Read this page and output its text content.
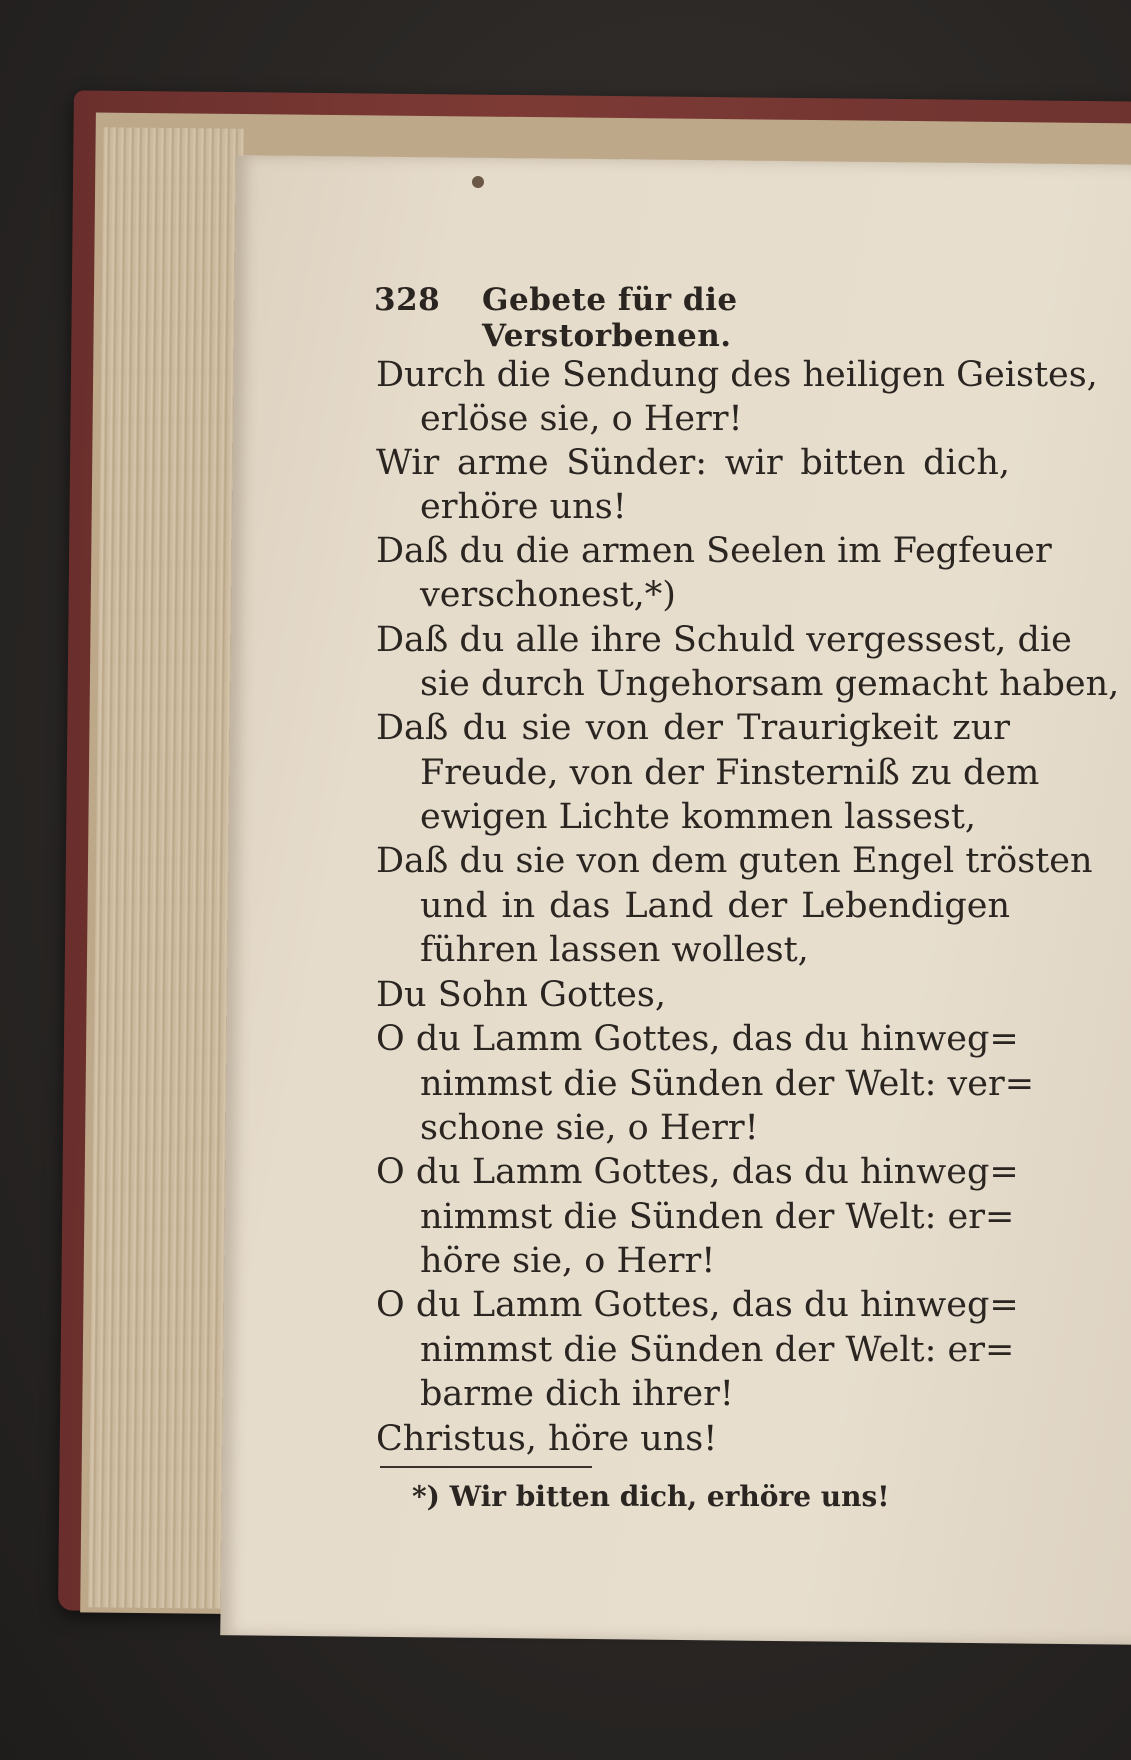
328 Gebete für die Verstorbenen.
Durch die Sendung des heiligen Geistes,
erlöse sie, o Herr!
Wir arme Sünder: wir bitten dich,
erhöre uns!
Daß du die armen Seelen im Fegfeuer
verschonest,*)
Daß du alle ihre Schuld vergessest, die
sie durch Ungehorsam gemacht haben,
Daß du sie von der Traurigkeit zur
Freude, von der Finsterniß zu dem
ewigen Lichte kommen lassest,
Daß du sie von dem guten Engel trösten
und in das Land der Lebendigen
führen lassen wollest,
Du Sohn Gottes,
O du Lamm Gottes, das du hinweg=
nimmst die Sünden der Welt: ver=
schone sie, o Herr!
O du Lamm Gottes, das du hinweg=
nimmst die Sünden der Welt: er=
höre sie, o Herr!
O du Lamm Gottes, das du hinweg=
nimmst die Sünden der Welt: er=
barme dich ihrer!
Christus, höre uns!
*) Wir bitten dich, erhöre uns!
